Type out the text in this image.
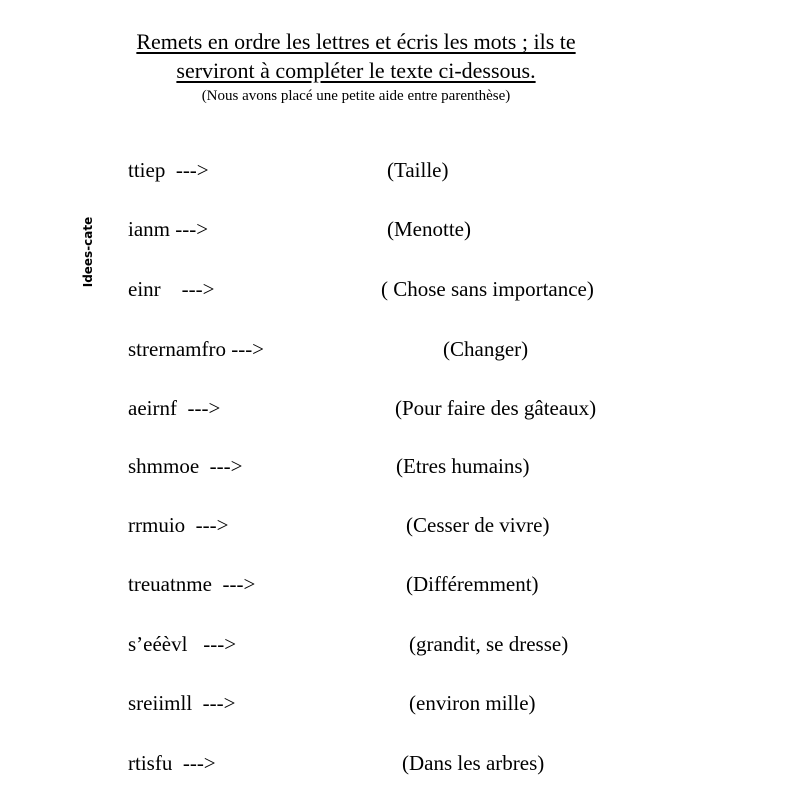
Remets en ordre les lettres et écris les mots ; ils te
serviront à compléter le texte ci-dessous.
(Nous avons placé une petite aide entre parenthèse)
Idees-cate
ttiep  --->	(Taille)
ianm --->	(Menotte)
einr    --->	( Chose sans importance)
strernamfro --->	(Changer)
aeirnf  --->	(Pour faire des gâteaux)
shmmoe  --->	(Etres humains)
rrmuio  --->	(Cesser de vivre)
treuatnme  --->	(Différemment)
s’eéèvl   --->	(grandit, se dresse)
sreiimll  --->	(environ mille)
rtisfu  --->	(Dans les arbres)
